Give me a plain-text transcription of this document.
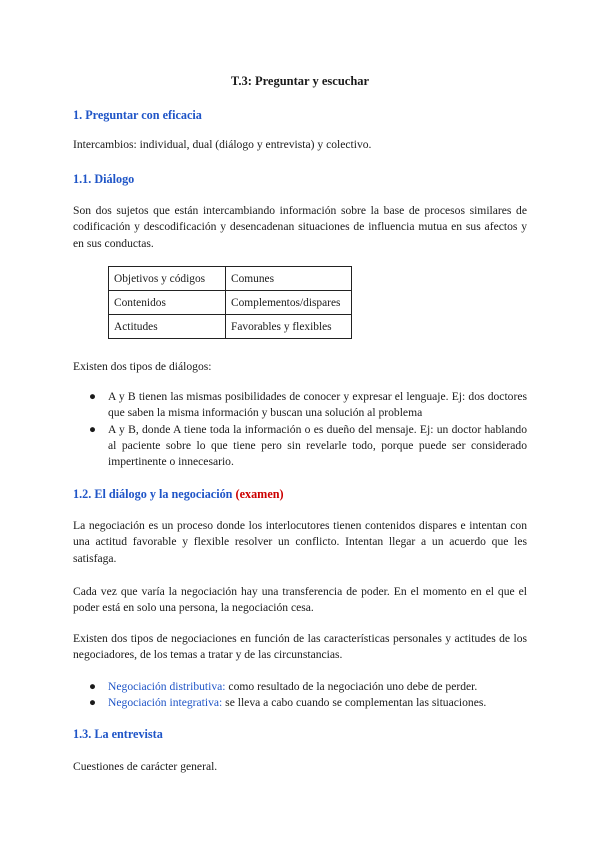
T.3: Preguntar y escuchar
1. Preguntar con eficacia

Intercambios: individual, dual (diálogo y entrevista) y colectivo.

1.1. Diálogo

Son dos sujetos que están intercambiando información sobre la base de procesos similares de codificación y descodificación y desencadenan situaciones de influencia mutua en sus afectos y en sus conductas.

Objetivos y códigos	Comunes
Contenidos	Complementos/dispares
Actitudes	Favorables y flexibles

Existen dos tipos de diálogos:

● A y B tienen las mismas posibilidades de conocer y expresar el lenguaje. Ej: dos doctores que saben la misma información y buscan una solución al problema
● A y B, donde A tiene toda la información o es dueño del mensaje. Ej: un doctor hablando al paciente sobre lo que tiene pero sin revelarle todo, porque puede ser considerado impertinente o innecesario.
1.2. El diálogo y la negociación (examen)

La negociación es un proceso donde los interlocutores tienen contenidos dispares e intentan con una actitud favorable y flexible resolver un conflicto. Intentan llegar a un acuerdo que les satisfaga.

Cada vez que varía la negociación hay una transferencia de poder. En el momento en el que el poder está en solo una persona, la negociación cesa.

Existen dos tipos de negociaciones en función de las características personales y actitudes de los negociadores, de los temas a tratar y de las circunstancias.

● Negociación distributiva: como resultado de la negociación uno debe de perder.
● Negociación integrativa: se lleva a cabo cuando se complementan las situaciones.
1.3. La entrevista

Cuestiones de carácter general.
